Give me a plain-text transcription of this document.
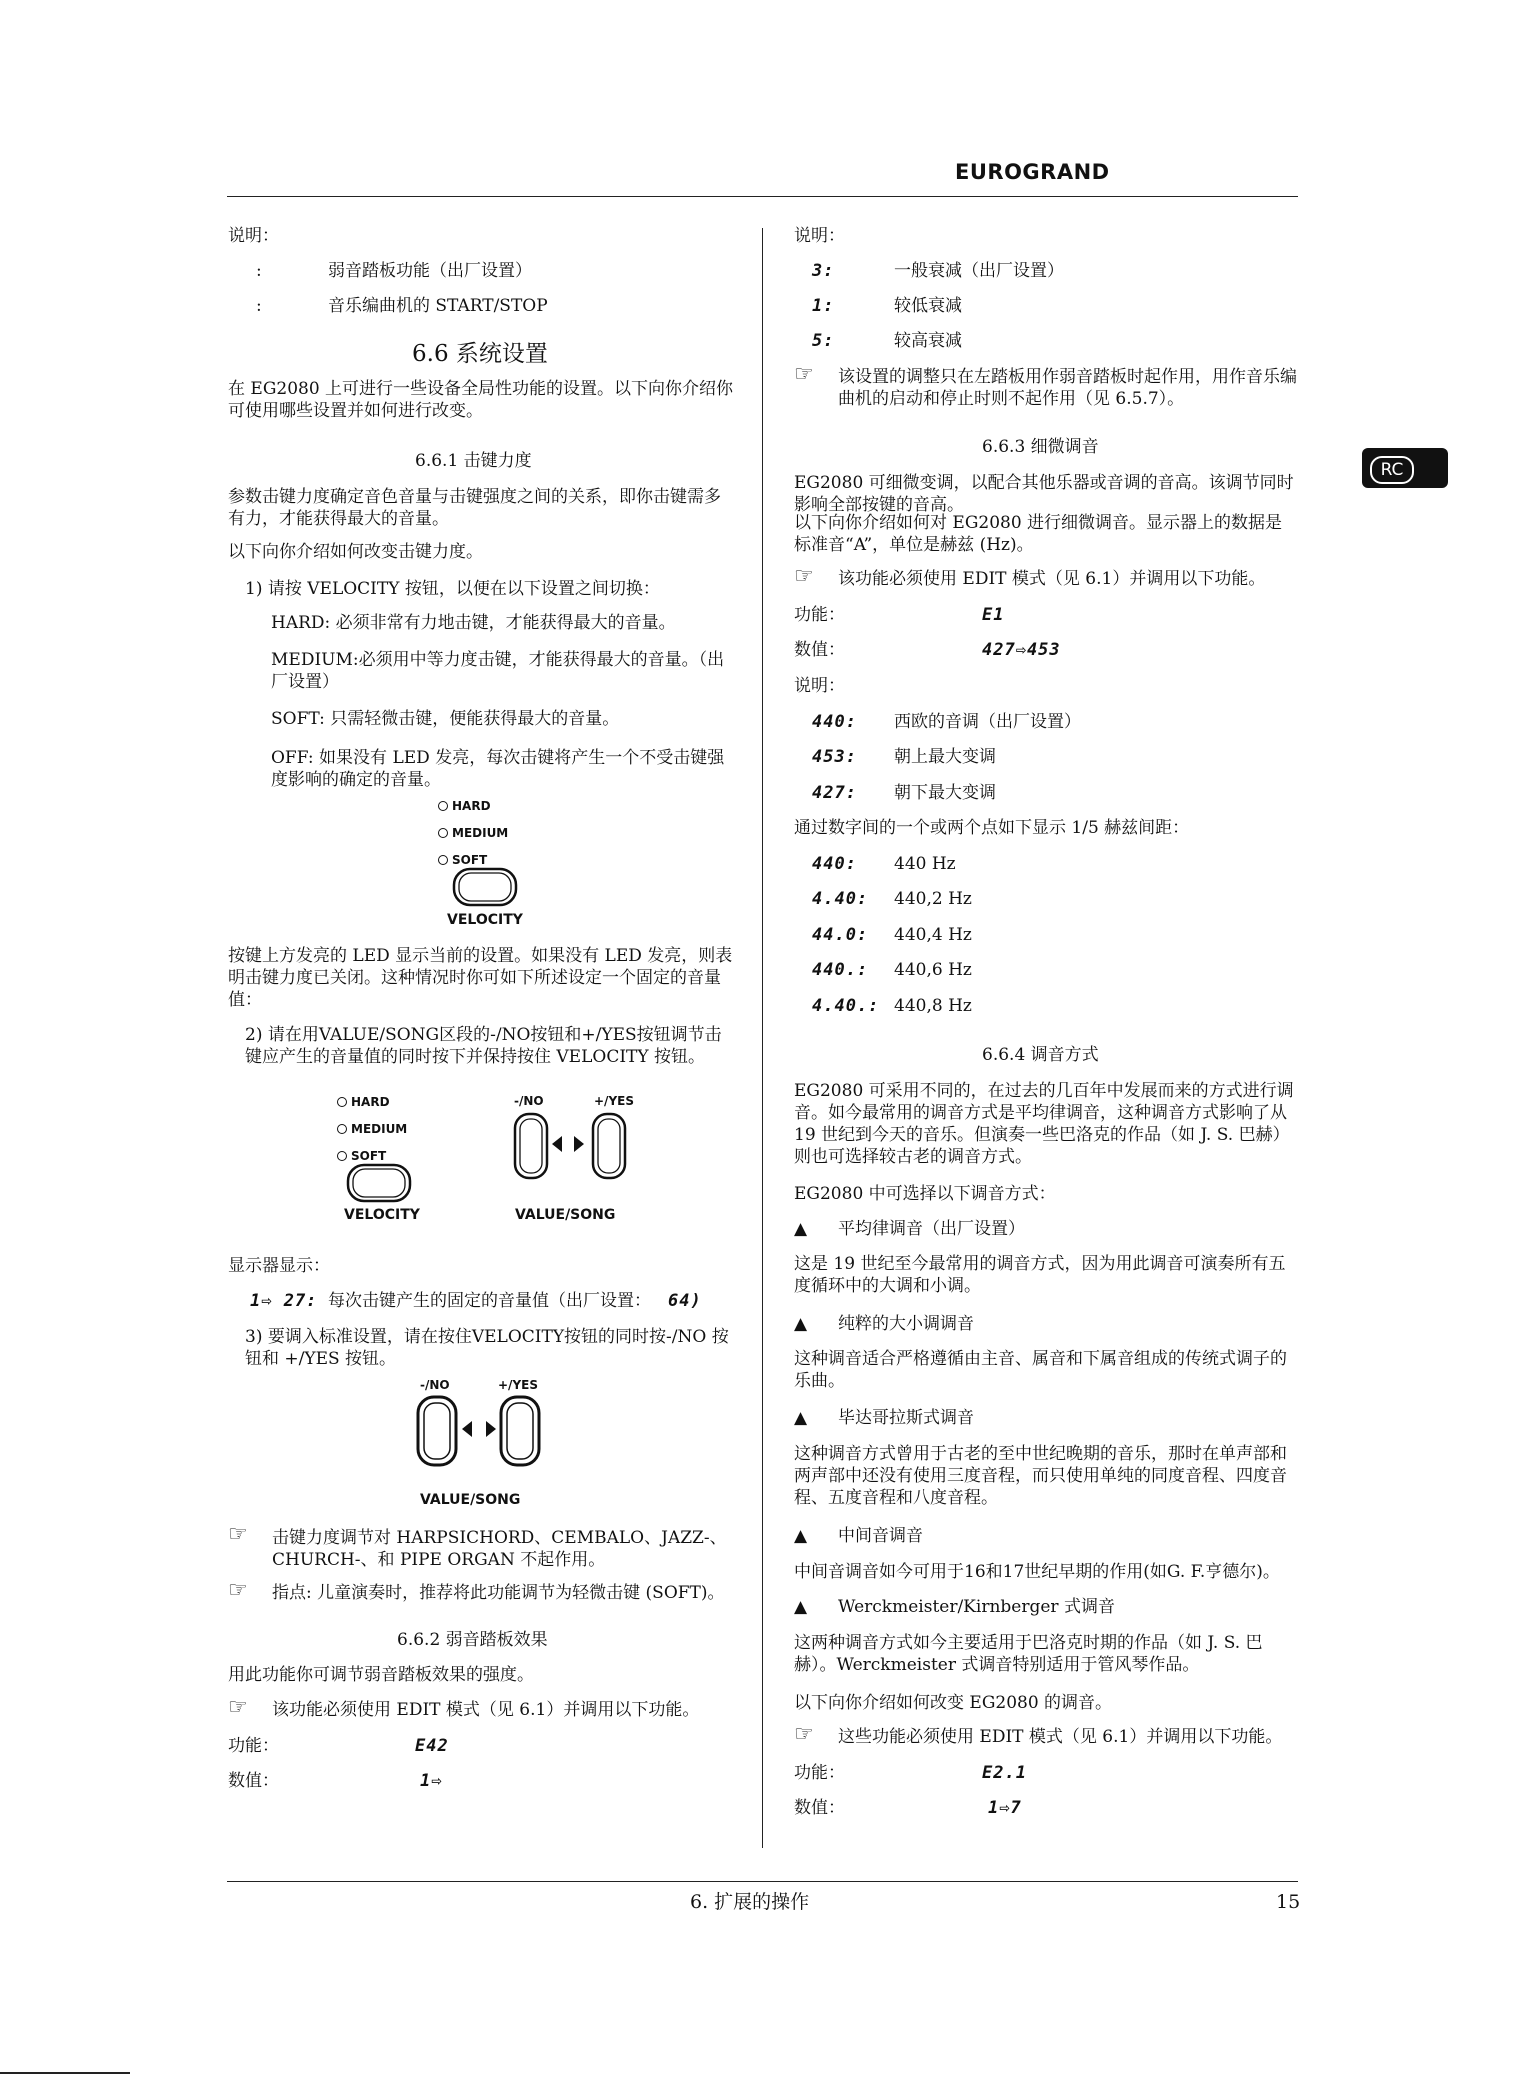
EUROGRAND
RC
说明：
:	弱音踏板功能（出厂设置）
:	音乐编曲机的 START/STOP
6.6 系统设置
在 EG2080 上可进行一些设备全局性功能的设置。以下向你介绍你可使用哪些设置并如何进行改变。
6.6.1 击键力度
参数击键力度确定音色音量与击键强度之间的关系，即你击键需多有力，才能获得最大的音量。
以下向你介绍如何改变击键力度。
1) 请按 VELOCITY 按钮，以便在以下设置之间切换：
HARD: 必须非常有力地击键，才能获得最大的音量。
MEDIUM:必须用中等力度击键，才能获得最大的音量。（出厂设置）
SOFT: 只需轻微击键，便能获得最大的音量。
OFF: 如果没有 LED 发亮，每次击键将产生一个不受击键强度影响的确定的音量。
HARD
MEDIUM
SOFT
VELOCITY
按键上方发亮的 LED 显示当前的设置。如果没有 LED 发亮，则表明击键力度已关闭。这种情况时你可如下所述设定一个固定的音量值：
2) 请在用VALUE/SONG区段的-/NO按钮和+/YES按钮调节击键应产生的音量值的同时按下并保持按住 VELOCITY 按钮。
HARD
MEDIUM
SOFT
VELOCITY
-/NO	+/YES
VALUE/SONG
显示器显示：
1⇨ 27: 每次击键产生的固定的音量值（出厂设置： 64)
3) 要调入标准设置，请在按住VELOCITY按钮的同时按-/NO 按钮和 +/YES 按钮。
-/NO	+/YES
VALUE/SONG
☞ 击键力度调节对 HARPSICHORD、CEMBALO、JAZZ-、CHURCH-、和 PIPE ORGAN 不起作用。
☞ 指点: 儿童演奏时，推荐将此功能调节为轻微击键 (SOFT)。
6.6.2 弱音踏板效果
用此功能你可调节弱音踏板效果的强度。
☞ 该功能必须使用 EDIT 模式（见 6.1）并调用以下功能。
功能：	E42
数值：	1⇨
说明：
3:	一般衰减（出厂设置）
1:	较低衰减
5:	较高衰减
☞ 该设置的调整只在左踏板用作弱音踏板时起作用，用作音乐编曲机的启动和停止时则不起作用（见 6.5.7）。
6.6.3 细微调音
EG2080 可细微变调，以配合其他乐器或音调的音高。该调节同时影响全部按键的音高。
以下向你介绍如何对 EG2080 进行细微调音。显示器上的数据是标准音“A”，单位是赫兹 (Hz)。
☞ 该功能必须使用 EDIT 模式（见 6.1）并调用以下功能。
功能：	E1
数值：	427⇨453
说明：
440: 西欧的音调（出厂设置）
453: 朝上最大变调
427: 朝下最大变调
通过数字间的一个或两个点如下显示 1/5 赫兹间距：
440: 440 Hz
4.40: 440,2 Hz
44.0: 440,4 Hz
440.: 440,6 Hz
4.40.: 440,8 Hz
6.6.4 调音方式
EG2080 可采用不同的，在过去的几百年中发展而来的方式进行调音。如今最常用的调音方式是平均律调音，这种调音方式影响了从 19 世纪到今天的音乐。但演奏一些巴洛克的作品（如 J. S. 巴赫）则也可选择较古老的调音方式。
EG2080 中可选择以下调音方式：
▲ 平均律调音（出厂设置）
这是 19 世纪至今最常用的调音方式，因为用此调音可演奏所有五度循环中的大调和小调。
▲ 纯粹的大小调调音
这种调音适合严格遵循由主音、属音和下属音组成的传统式调子的乐曲。
▲ 毕达哥拉斯式调音
这种调音方式曾用于古老的至中世纪晚期的音乐，那时在单声部和两声部中还没有使用三度音程，而只使用单纯的同度音程、四度音程、五度音程和八度音程。
▲ 中间音调音
中间音调音如今可用于16和17世纪早期的作用(如G. F.亨德尔)。
▲ Werckmeister/Kirnberger 式调音
这两种调音方式如今主要适用于巴洛克时期的作品（如 J. S. 巴赫）。Werckmeister 式调音特别适用于管风琴作品。
以下向你介绍如何改变 EG2080 的调音。
☞ 这些功能必须使用 EDIT 模式（见 6.1）并调用以下功能。
功能：	E2.1
数值：	1⇨7
6. 扩展的操作	15
